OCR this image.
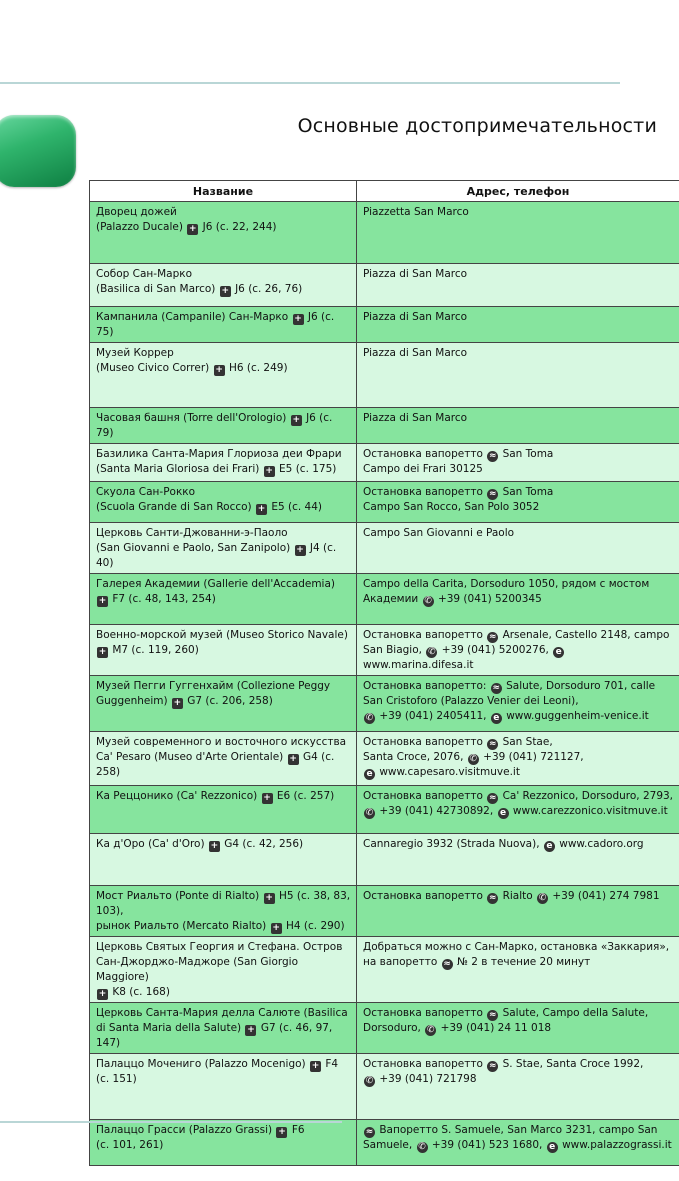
Основные достопримечательности
Название	Адрес, телефон
Дворец дожей
(Palazzo Ducale) + J6 (с. 22, 244)	Piazzetta San Marco
Собор Сан-Марко
(Basilica di San Marco) + J6 (с. 26, 76)	Piazza di San Marco
Кампанила (Campanile) Сан-Марко + J6 (с. 75)	Piazza di San Marco
Музей Коррер
(Museo Civico Correr) + H6 (с. 249)	Piazza di San Marco
Часовая башня (Torre dell'Orologio) + J6 (с. 79)	Piazza di San Marco
Базилика Санта-Мария Глориоза деи Фрари
(Santa Maria Gloriosa dei Frari) + E5 (с. 175)	Остановка вапоретто ≈ San Toma
Campo dei Frari 30125
Скуола Сан-Рокко
(Scuola Grande di San Rocco) + E5 (с. 44)	Остановка вапоретто ≈ San Toma
Campo San Rocco, San Polo 3052
Церковь Санти-Джованни-э-Паоло
(San Giovanni e Paolo, San Zanipolo) + J4 (с. 40)	Campo San Giovanni e Paolo
Галерея Академии (Gallerie dell'Accademia) + F7 (с. 48, 143, 254)	Campo della Carita, Dorsoduro 1050, рядом с мостом Академии ✆ +39 (041) 5200345
Военно-морской музей (Museo Storico Navale) + M7 (с. 119, 260)	Остановка вапоретто ≈ Arsenale, Castello 2148, campo San Biagio, ✆ +39 (041) 5200276, e www.marina.difesa.it
Музей Пегги Гуггенхайм (Collezione Peggy Guggenheim) + G7 (с. 206, 258)	Остановка вапоретто: ≈ Salute, Dorsoduro 701, calle San Cristoforo (Palazzo Venier dei Leoni),
✆ +39 (041) 2405411, e www.guggenheim-venice.it
Музей современного и восточного искусства Ca' Pesaro (Museo d'Arte Orientale) + G4 (с. 258)	Остановка вапоретто ≈ San Stae,
Santa Croce, 2076, ✆ +39 (041) 721127,
e www.capesaro.visitmuve.it
Ка Реццонико (Ca' Rezzonico) + E6 (с. 257)	Остановка вапоретто ≈ Ca' Rezzonico, Dorsoduro, 2793,
✆ +39 (041) 42730892, e www.carezzonico.visitmuve.it
Ка д'Оро (Ca' d'Oro) + G4 (с. 42, 256)	Cannaregio 3932 (Strada Nuova), e www.cadoro.org
Мост Риальто (Ponte di Rialto) + H5 (с. 38, 83, 103),
рынок Риальто (Mercato Rialto) + H4 (с. 290)	Остановка вапоретто ≈ Rialto ✆ +39 (041) 274 7981
Церковь Святых Георгия и Стефана. Остров Сан-Джорджо-Маджоре (San Giorgio Maggiore)
+ K8 (с. 168)	Добраться можно с Сан-Марко, остановка «Заккария»,
на вапоретто ≈ № 2 в течение 20 минут
Церковь Санта-Мария делла Салюте (Basilica di Santa Maria della Salute) + G7 (с. 46, 97, 147)	Остановка вапоретто ≈ Salute, Campo della Salute,
Dorsoduro, ✆ +39 (041) 24 11 018
Палаццо Мочениго (Palazzo Mocenigo) + F4
(с. 151)	Остановка вапоретто ≈ S. Stae, Santa Croce 1992,
✆ +39 (041) 721798
Палаццо Грасси (Palazzo Grassi) + F6
(с. 101, 261)	≈ Вапоретто S. Samuele, San Marco 3231, campo San Samuele, ✆ +39 (041) 523 1680, e www.palazzograssi.it
